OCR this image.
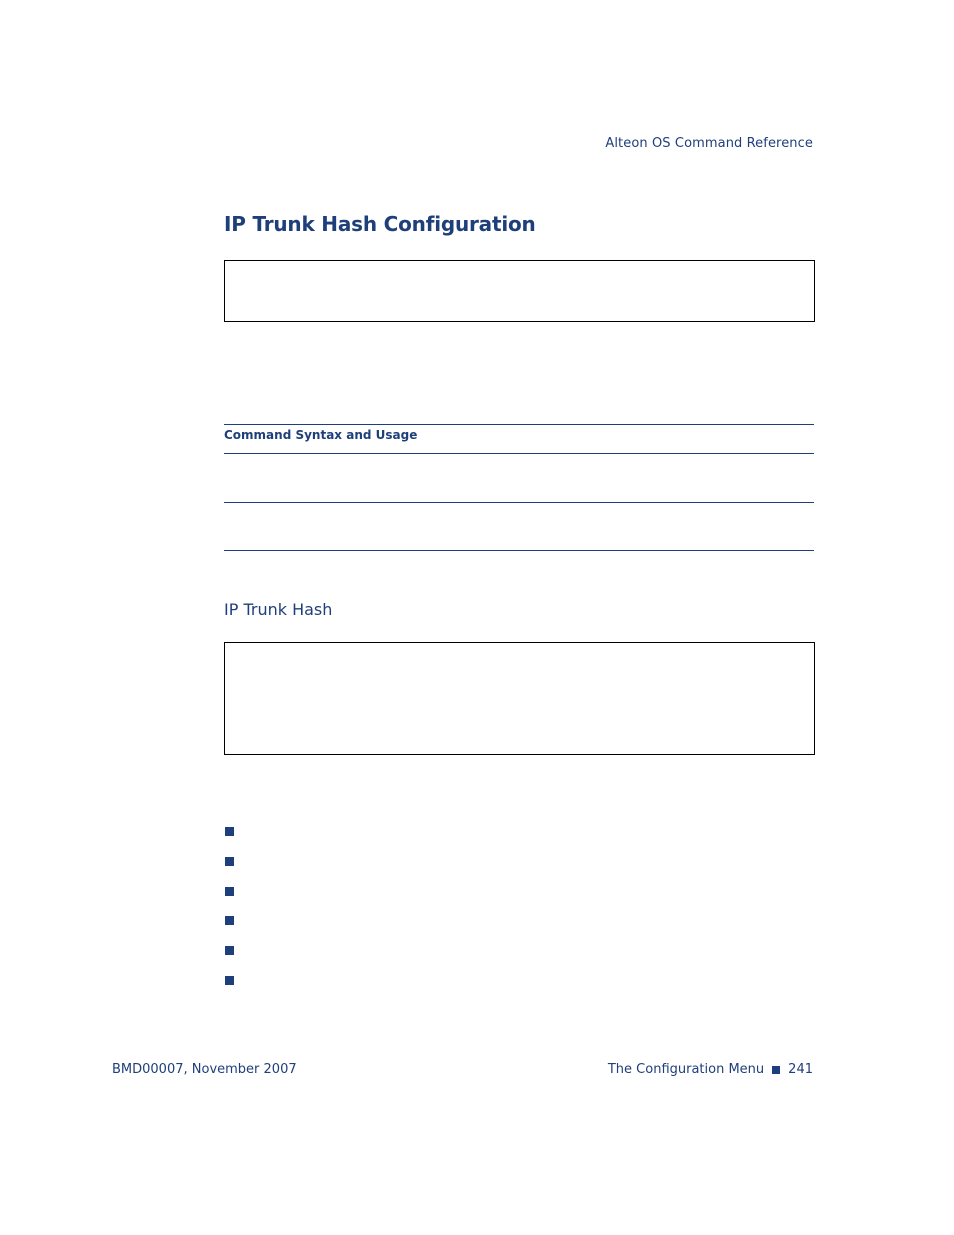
Alteon OS Command Reference
IP Trunk Hash Configuration
Command Syntax and Usage
IP Trunk Hash
BMD00007, November 2007	The Configuration Menu 241
